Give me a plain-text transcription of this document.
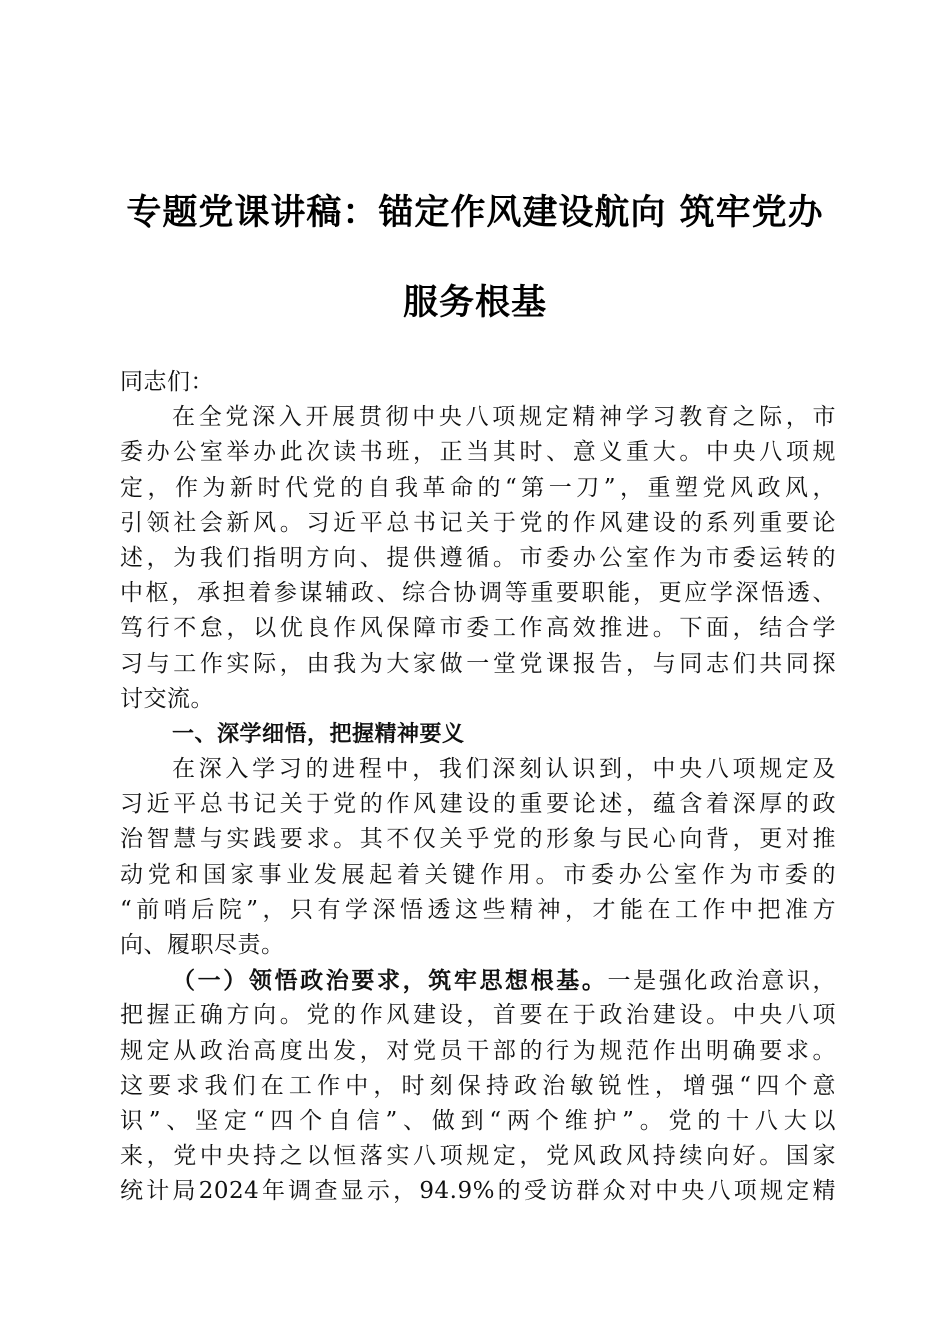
专题党课讲稿：锚定作风建设航向 筑牢党办
服务根基
同志们：
在全党深入开展贯彻中央八项规定精神学习教育之际，市
委办公室举办此次读书班，正当其时、意义重大。中央八项规
定，作为新时代党的自我革命的“第一刀”，重塑党风政风，
引领社会新风。习近平总书记关于党的作风建设的系列重要论
述，为我们指明方向、提供遵循。市委办公室作为市委运转的
中枢，承担着参谋辅政、综合协调等重要职能，更应学深悟透、
笃行不怠，以优良作风保障市委工作高效推进。下面，结合学
习与工作实际，由我为大家做一堂党课报告，与同志们共同探
讨交流。
一、深学细悟，把握精神要义
在深入学习的进程中，我们深刻认识到，中央八项规定及
习近平总书记关于党的作风建设的重要论述，蕴含着深厚的政
治智慧与实践要求。其不仅关乎党的形象与民心向背，更对推
动党和国家事业发展起着关键作用。市委办公室作为市委的
“前哨后院”，只有学深悟透这些精神，才能在工作中把准方
向、履职尽责。
（一）领悟政治要求，筑牢思想根基。一是强化政治意识，
把握正确方向。党的作风建设，首要在于政治建设。中央八项
规定从政治高度出发，对党员干部的行为规范作出明确要求。
这要求我们在工作中，时刻保持政治敏锐性，增强“四个意
识”、坚定“四个自信”、做到“两个维护”。党的十八大以
来，党中央持之以恒落实八项规定，党风政风持续向好。国家
统计局2024年调查显示，94.9%的受访群众对中央八项规定精
